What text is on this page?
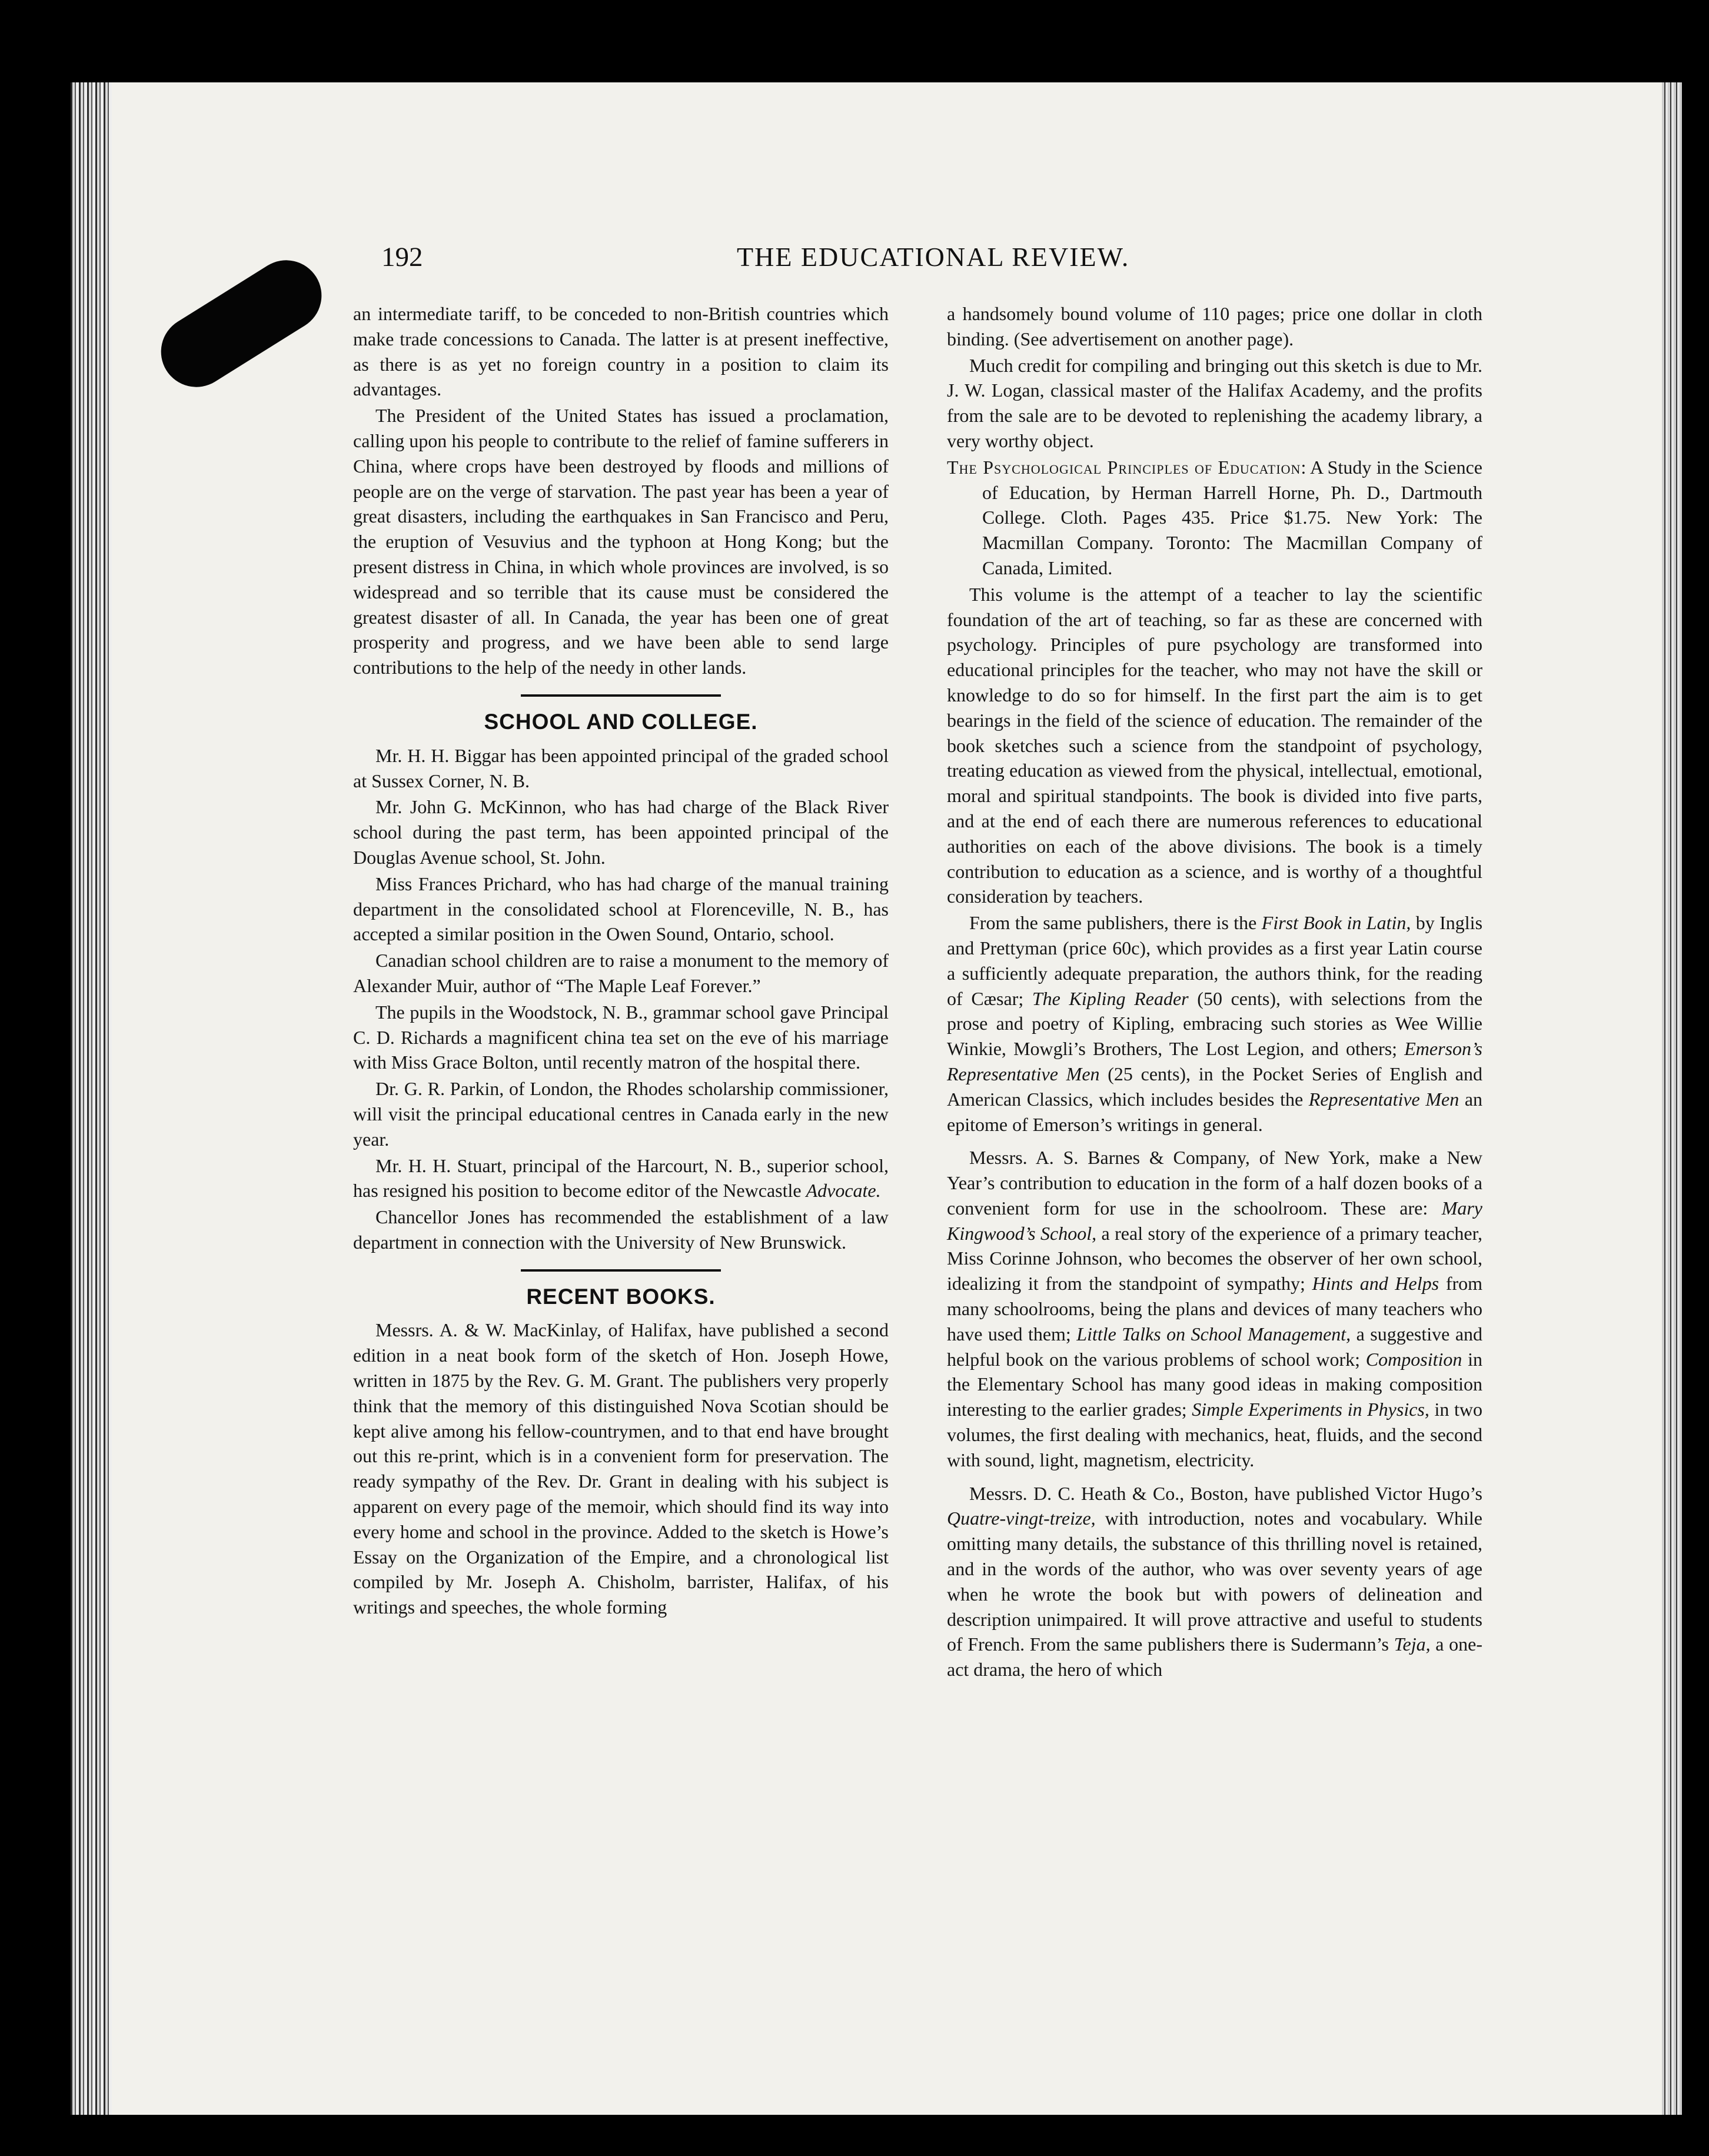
192	THE EDUCATIONAL REVIEW.

an intermediate tariff, to be conceded to non-British countries which make trade concessions to Canada. The latter is at present ineffective, as there is as yet no foreign country in a position to claim its advantages.

The President of the United States has issued a proclamation, calling upon his people to contribute to the relief of famine sufferers in China, where crops have been destroyed by floods and millions of people are on the verge of starvation. The past year has been a year of great disasters, including the earthquakes in San Francisco and Peru, the eruption of Vesuvius and the typhoon at Hong Kong; but the present distress in China, in which whole provinces are involved, is so widespread and so terrible that its cause must be considered the greatest disaster of all. In Canada, the year has been one of great prosperity and progress, and we have been able to send large contributions to the help of the needy in other lands.

SCHOOL AND COLLEGE.

Mr. H. H. Biggar has been appointed principal of the graded school at Sussex Corner, N. B.

Mr. John G. McKinnon, who has had charge of the Black River school during the past term, has been appointed principal of the Douglas Avenue school, St. John.

Miss Frances Prichard, who has had charge of the manual training department in the consolidated school at Florenceville, N. B., has accepted a similar position in the Owen Sound, Ontario, school.

Canadian school children are to raise a monument to the memory of Alexander Muir, author of “The Maple Leaf Forever.”

The pupils in the Woodstock, N. B., grammar school gave Principal C. D. Richards a magnificent china tea set on the eve of his marriage with Miss Grace Bolton, until recently matron of the hospital there.

Dr. G. R. Parkin, of London, the Rhodes scholarship commissioner, will visit the principal educational centres in Canada early in the new year.

Mr. H. H. Stuart, principal of the Harcourt, N. B., superior school, has resigned his position to become editor of the Newcastle Advocate.

Chancellor Jones has recommended the establishment of a law department in connection with the University of New Brunswick.

RECENT BOOKS.

Messrs. A. & W. MacKinlay, of Halifax, have published a second edition in a neat book form of the sketch of Hon. Joseph Howe, written in 1875 by the Rev. G. M. Grant. The publishers very properly think that the memory of this distinguished Nova Scotian should be kept alive among his fellow-countrymen, and to that end have brought out this re-print, which is in a convenient form for preservation. The ready sympathy of the Rev. Dr. Grant in dealing with his subject is apparent on every page of the memoir, which should find its way into every home and school in the province. Added to the sketch is Howe’s Essay on the Organization of the Empire, and a chronological list compiled by Mr. Joseph A. Chisholm, barrister, Halifax, of his writings and speeches, the whole forming

a handsomely bound volume of 110 pages; price one dollar in cloth binding. (See advertisement on another page).

Much credit for compiling and bringing out this sketch is due to Mr. J. W. Logan, classical master of the Halifax Academy, and the profits from the sale are to be devoted to replenishing the academy library, a very worthy object.

The Psychological Principles of Education: A Study in the Science of Education, by Herman Harrell Horne, Ph. D., Dartmouth College. Cloth. Pages 435. Price $1.75. New York: The Macmillan Company. Toronto: The Macmillan Company of Canada, Limited.

This volume is the attempt of a teacher to lay the scientific foundation of the art of teaching, so far as these are concerned with psychology. Principles of pure psychology are transformed into educational principles for the teacher, who may not have the skill or knowledge to do so for himself. In the first part the aim is to get bearings in the field of the science of education. The remainder of the book sketches such a science from the standpoint of psychology, treating education as viewed from the physical, intellectual, emotional, moral and spiritual standpoints. The book is divided into five parts, and at the end of each there are numerous references to educational authorities on each of the above divisions. The book is a timely contribution to education as a science, and is worthy of a thoughtful consideration by teachers.

From the same publishers, there is the First Book in Latin, by Inglis and Prettyman (price 60c), which provides as a first year Latin course a sufficiently adequate preparation, the authors think, for the reading of Cæsar; The Kipling Reader (50 cents), with selections from the prose and poetry of Kipling, embracing such stories as Wee Willie Winkie, Mowgli’s Brothers, The Lost Legion, and others; Emerson’s Representative Men (25 cents), in the Pocket Series of English and American Classics, which includes besides the Representative Men an epitome of Emerson’s writings in general.

Messrs. A. S. Barnes & Company, of New York, make a New Year’s contribution to education in the form of a half dozen books of a convenient form for use in the schoolroom. These are: Mary Kingwood’s School, a real story of the experience of a primary teacher, Miss Corinne Johnson, who becomes the observer of her own school, idealizing it from the standpoint of sympathy; Hints and Helps from many schoolrooms, being the plans and devices of many teachers who have used them; Little Talks on School Management, a suggestive and helpful book on the various problems of school work; Composition in the Elementary School has many good ideas in making composition interesting to the earlier grades; Simple Experiments in Physics, in two volumes, the first dealing with mechanics, heat, fluids, and the second with sound, light, magnetism, electricity.

Messrs. D. C. Heath & Co., Boston, have published Victor Hugo’s Quatre-vingt-treize, with introduction, notes and vocabulary. While omitting many details, the substance of this thrilling novel is retained, and in the words of the author, who was over seventy years of age when he wrote the book but with powers of delineation and description unimpaired. It will prove attractive and useful to students of French. From the same publishers there is Sudermann’s Teja, a one-act drama, the hero of which
